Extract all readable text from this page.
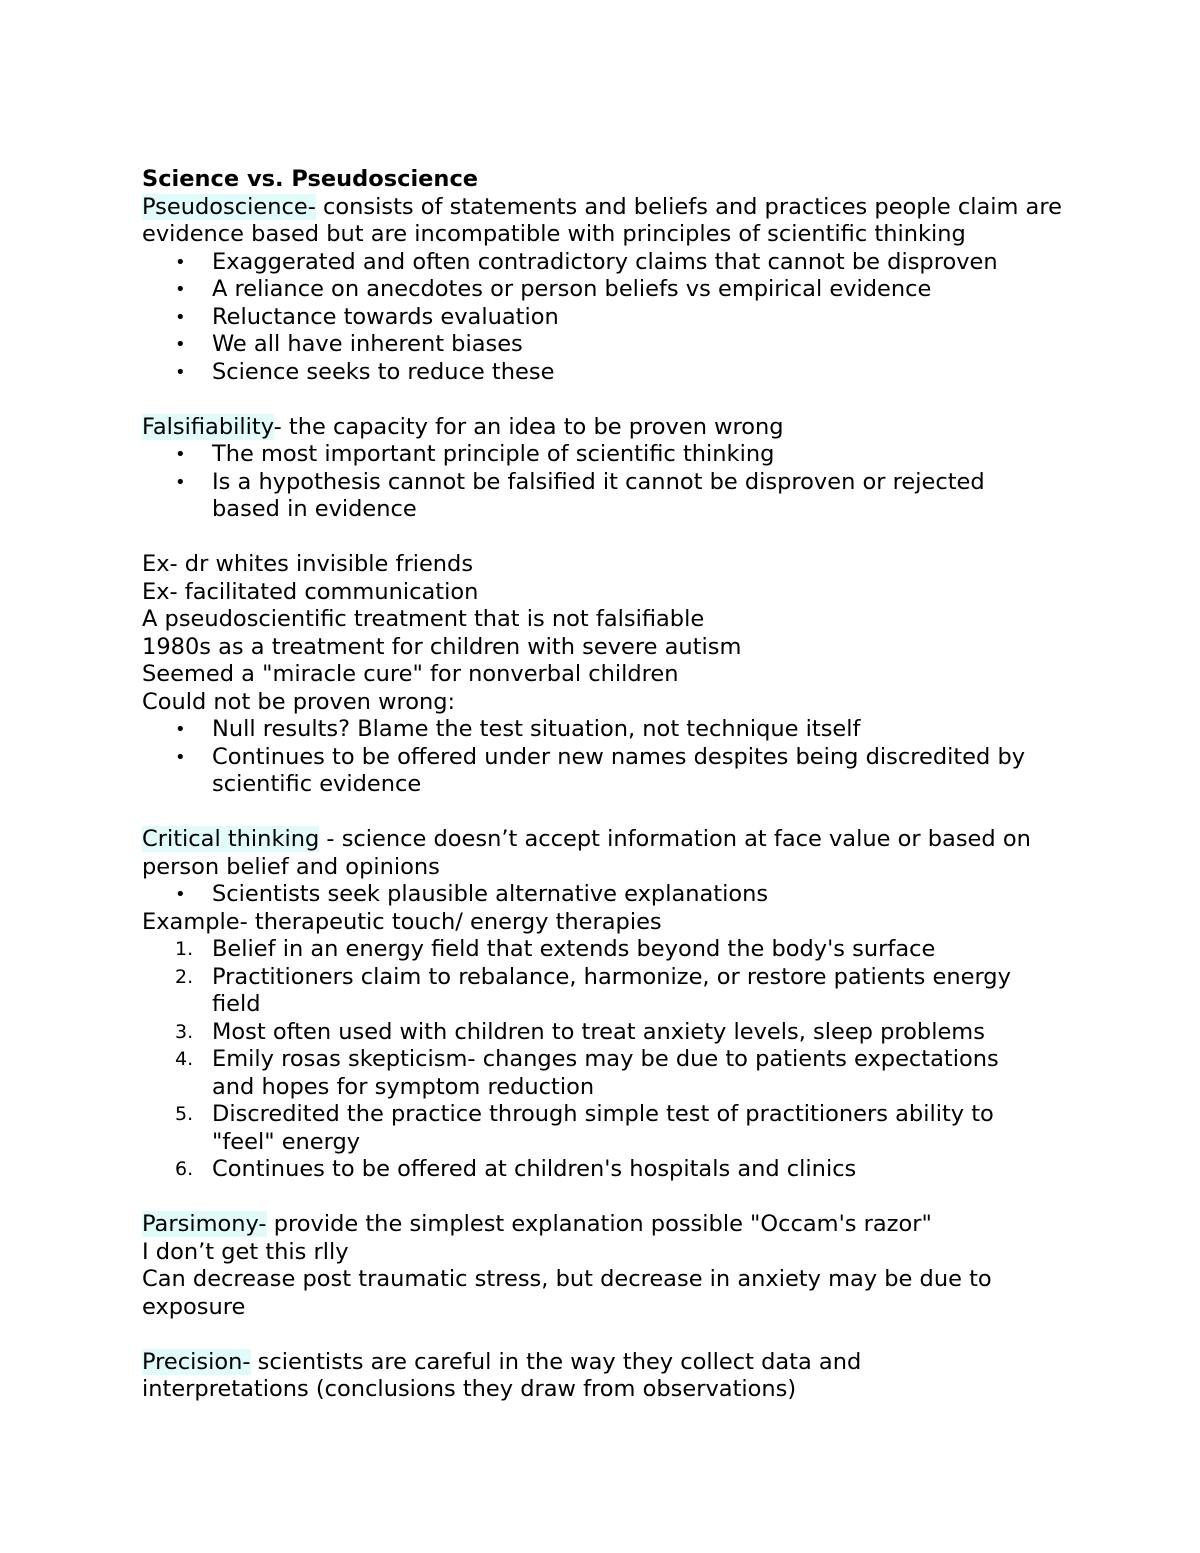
Science vs. Pseudoscience

Pseudoscience- consists of statements and beliefs and practices people claim are evidence based but are incompatible with principles of scientific thinking

• Exaggerated and often contradictory claims that cannot be disproven
• A reliance on anecdotes or person beliefs vs empirical evidence
• Reluctance towards evaluation
• We all have inherent biases
• Science seeks to reduce these

Falsifiability- the capacity for an idea to be proven wrong

• The most important principle of scientific thinking
• Is a hypothesis cannot be falsified it cannot be disproven or rejected based in evidence

Ex- dr whites invisible friends

Ex- facilitated communication

A pseudoscientific treatment that is not falsifiable

1980s as a treatment for children with severe autism

Seemed a "miracle cure" for nonverbal children

Could not be proven wrong:

• Null results? Blame the test situation, not technique itself
• Continues to be offered under new names despites being discredited by scientific evidence

Critical thinking - science doesn’t accept information at face value or based on person belief and opinions

• Scientists seek plausible alternative explanations

Example- therapeutic touch/ energy therapies

1. Belief in an energy field that extends beyond the body's surface
2. Practitioners claim to rebalance, harmonize, or restore patients energy field
3. Most often used with children to treat anxiety levels, sleep problems
4. Emily rosas skepticism- changes may be due to patients expectations and hopes for symptom reduction
5. Discredited the practice through simple test of practitioners ability to "feel" energy
6. Continues to be offered at children's hospitals and clinics

Parsimony- provide the simplest explanation possible "Occam's razor"

I don’t get this rlly

Can decrease post traumatic stress, but decrease in anxiety may be due to exposure

Precision- scientists are careful in the way they collect data and interpretations (conclusions they draw from observations)
